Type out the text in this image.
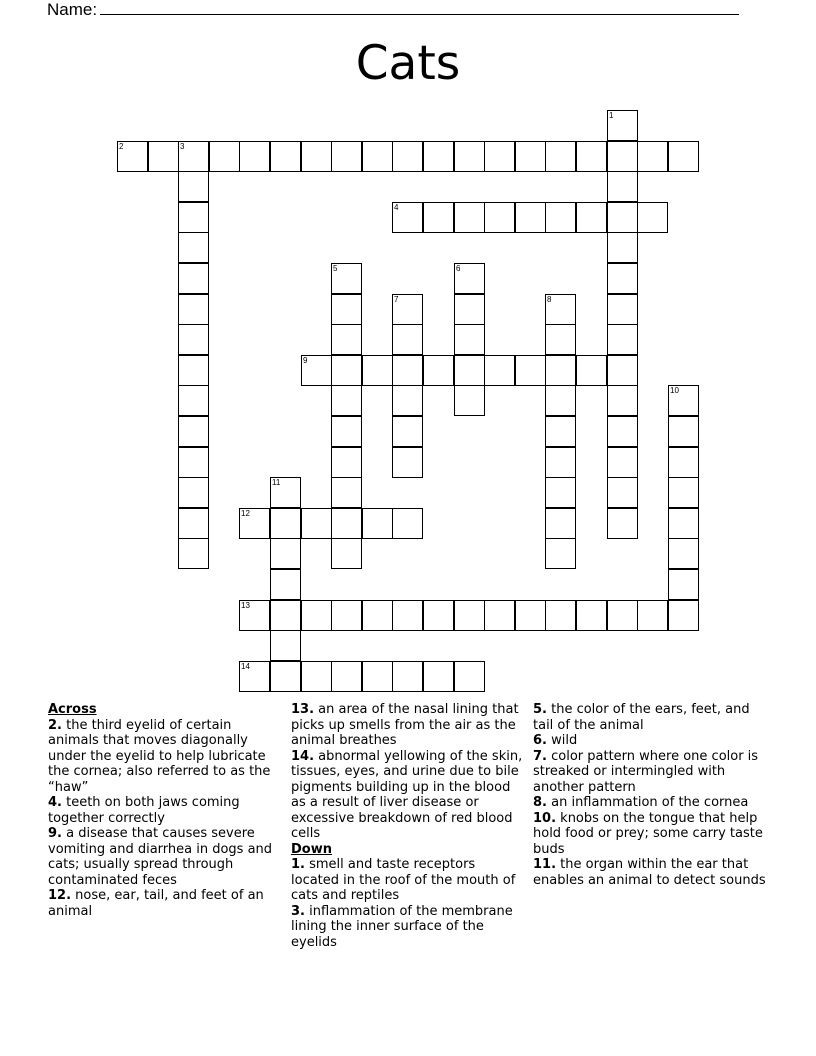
Name:
Cats
1
2	3
4
5	6
7	8
9
10
11
12
13
14
Across
2. the third eyelid of certain animals that moves diagonally under the eyelid to help lubricate the cornea; also referred to as the “haw”
4. teeth on both jaws coming together correctly
9. a disease that causes severe vomiting and diarrhea in dogs and cats; usually spread through contaminated feces
12. nose, ear, tail, and feet of an animal
13. an area of the nasal lining that picks up smells from the air as the animal breathes
14. abnormal yellowing of the skin, tissues, eyes, and urine due to bile pigments building up in the blood as a result of liver disease or excessive breakdown of red blood cells
Down
1. smell and taste receptors located in the roof of the mouth of cats and reptiles
3. inflammation of the membrane lining the inner surface of the eyelids
5. the color of the ears, feet, and tail of the animal
6. wild
7. color pattern where one color is streaked or intermingled with another pattern
8. an inflammation of the cornea
10. knobs on the tongue that help hold food or prey; some carry taste buds
11. the organ within the ear that enables an animal to detect sounds
